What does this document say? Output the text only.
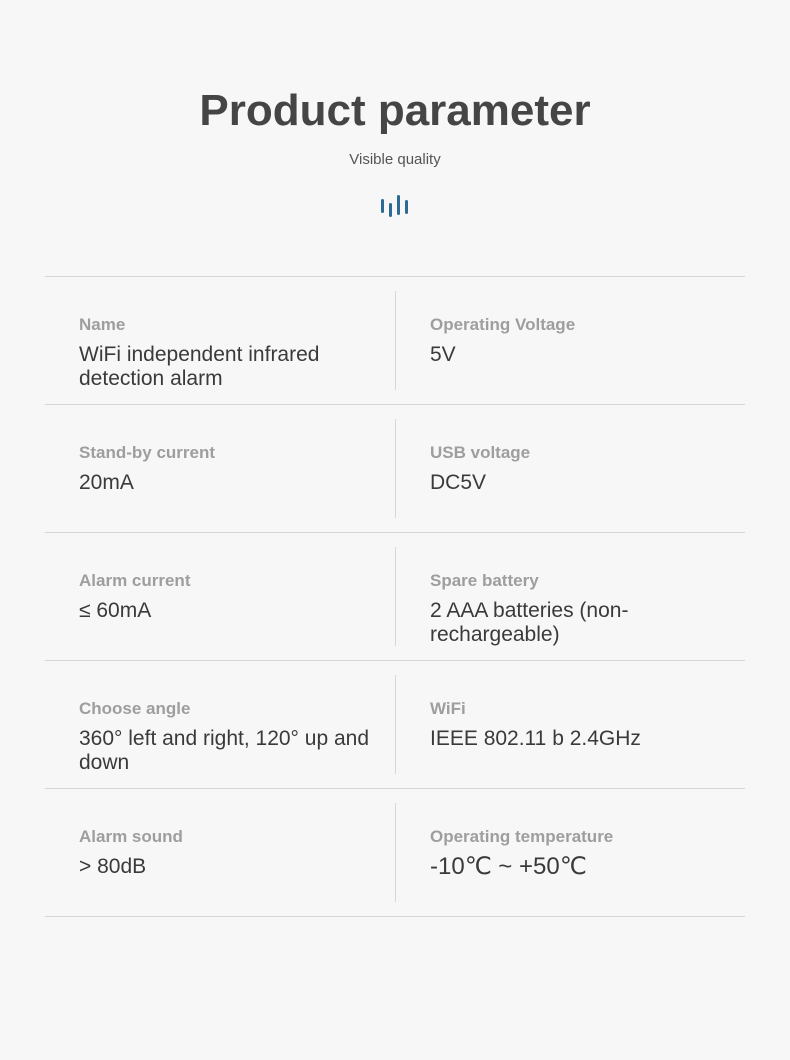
Product parameter
Visible quality
Name
WiFi independent infrared detection alarm
Operating Voltage
5V
Stand-by current
20mA
USB voltage
DC5V
Alarm current
≤ 60mA
Spare battery
2 AAA batteries (non-rechargeable)
Choose angle
360° left and right, 120° up and down
WiFi
IEEE 802.11 b 2.4GHz
Alarm sound
> 80dB
Operating temperature
-10℃ ~ +50℃
